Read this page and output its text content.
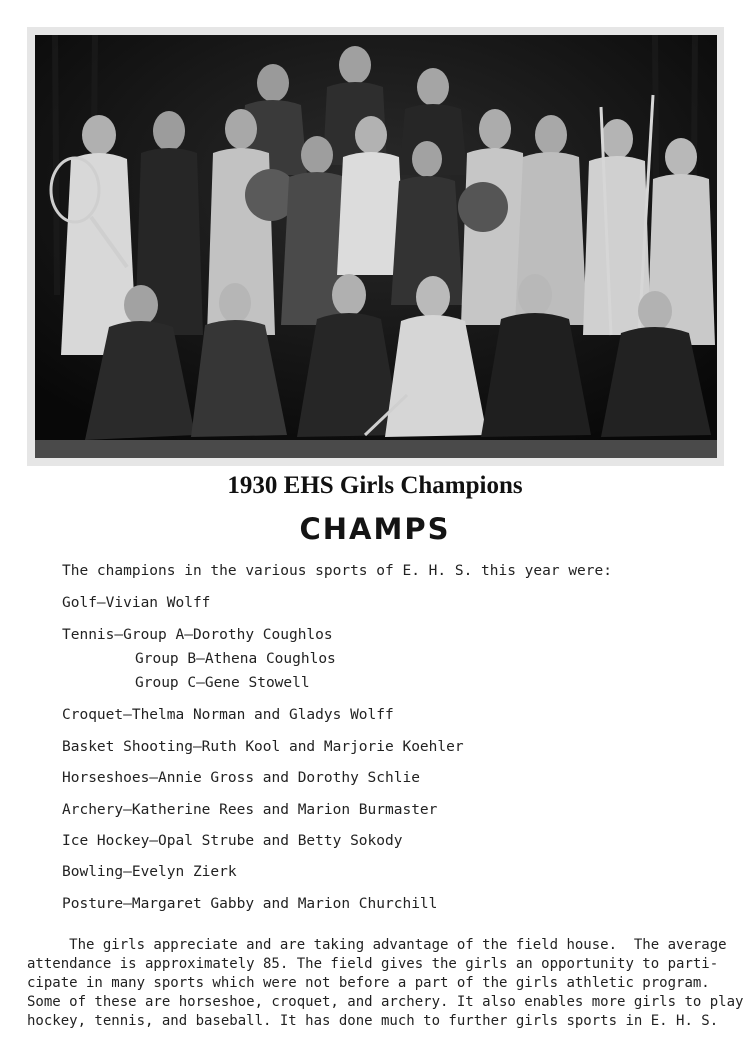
1930 EHS Girls Champions
CHAMPS
The champions in the various sports of E. H. S. this year were:
Golf—Vivian Wolff
Tennis—Group A—Dorothy Coughlos
Group B—Athena Coughlos
Group C—Gene Stowell
Croquet—Thelma Norman and Gladys Wolff
Basket Shooting—Ruth Kool and Marjorie Koehler
Horseshoes—Annie Gross and Dorothy Schlie
Archery—Katherine Rees and Marion Burmaster
Ice Hockey—Opal Strube and Betty Sokody
Bowling—Evelyn Zierk
Posture—Margaret Gabby and Marion Churchill
The girls appreciate and are taking advantage of the field house.  The average
attendance is approximately 85. The field gives the girls an opportunity to parti-
cipate in many sports which were not before a part of the girls athletic program.
Some of these are horseshoe, croquet, and archery. It also enables more girls to play
hockey, tennis, and baseball. It has done much to further girls sports in E. H. S.
